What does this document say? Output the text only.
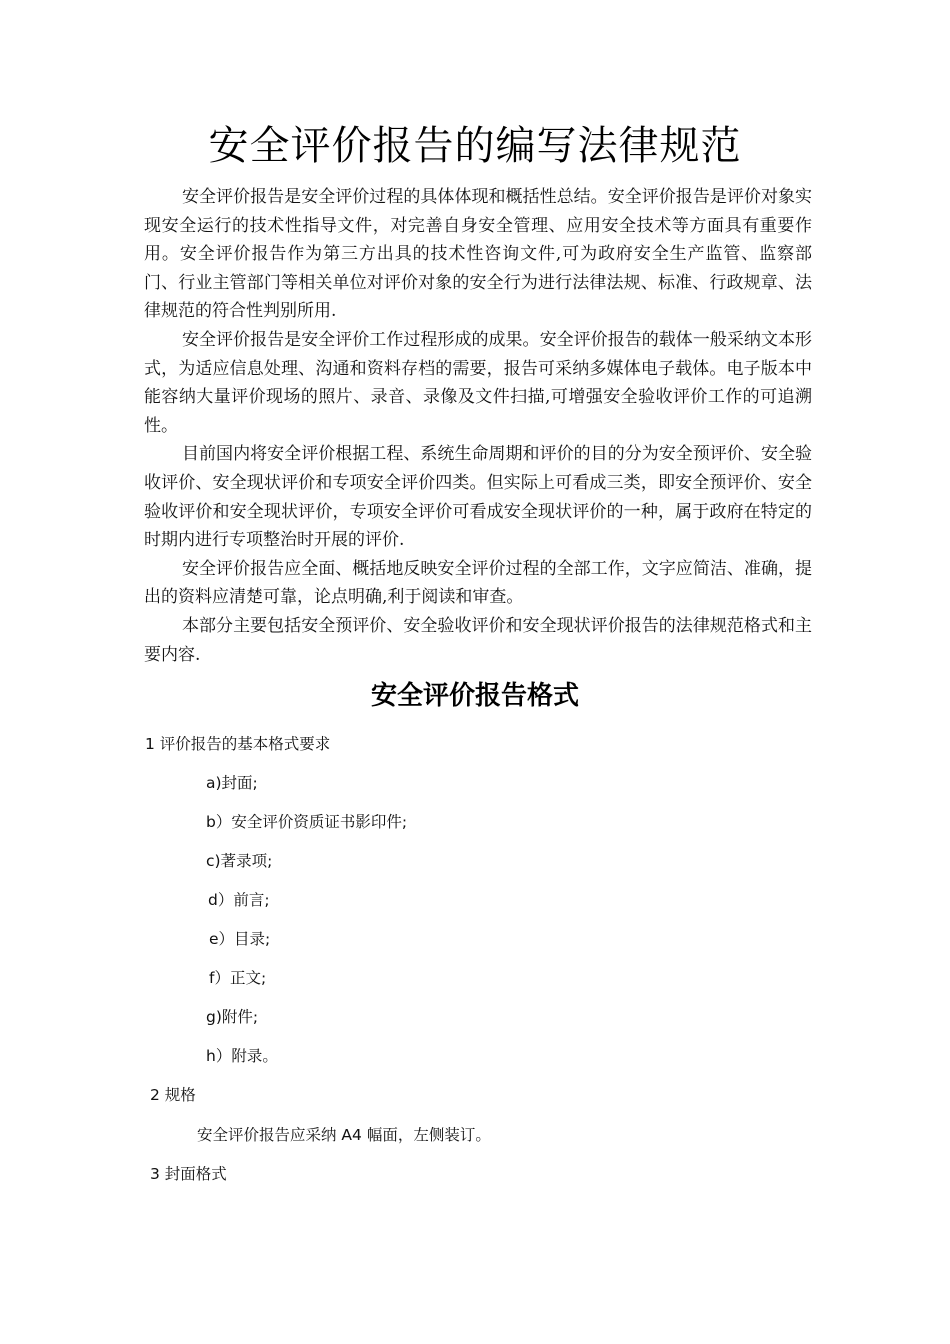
安全评价报告的编写法律规范

安全评价报告是安全评价过程的具体体现和概括性总结。安全评价报告是评价对象实现安全运行的技术性指导文件，对完善自身安全管理、应用安全技术等方面具有重要作用。安全评价报告作为第三方出具的技术性咨询文件,可为政府安全生产监管、监察部门、行业主管部门等相关单位对评价对象的安全行为进行法律法规、标准、行政规章、法律规范的符合性判别所用.

安全评价报告是安全评价工作过程形成的成果。安全评价报告的载体一般采纳文本形式，为适应信息处理、沟通和资料存档的需要，报告可采纳多媒体电子载体。电子版本中能容纳大量评价现场的照片、录音、录像及文件扫描,可增强安全验收评价工作的可追溯性。

目前国内将安全评价根据工程、系统生命周期和评价的目的分为安全预评价、安全验收评价、安全现状评价和专项安全评价四类。但实际上可看成三类，即安全预评价、安全验收评价和安全现状评价，专项安全评价可看成安全现状评价的一种，属于政府在特定的时期内进行专项整治时开展的评价.

安全评价报告应全面、概括地反映安全评价过程的全部工作，文字应简洁、准确，提出的资料应清楚可靠，论点明确,利于阅读和审查。

本部分主要包括安全预评价、安全验收评价和安全现状评价报告的法律规范格式和主要内容.

安全评价报告格式
1 评价报告的基本格式要求
a)封面;
b）安全评价资质证书影印件;
c)著录项;
d）前言;
e）目录;
f）正文;
g)附件;
h）附录。
2 规格
安全评价报告应采纳 A4 幅面，左侧装订。
3 封面格式
